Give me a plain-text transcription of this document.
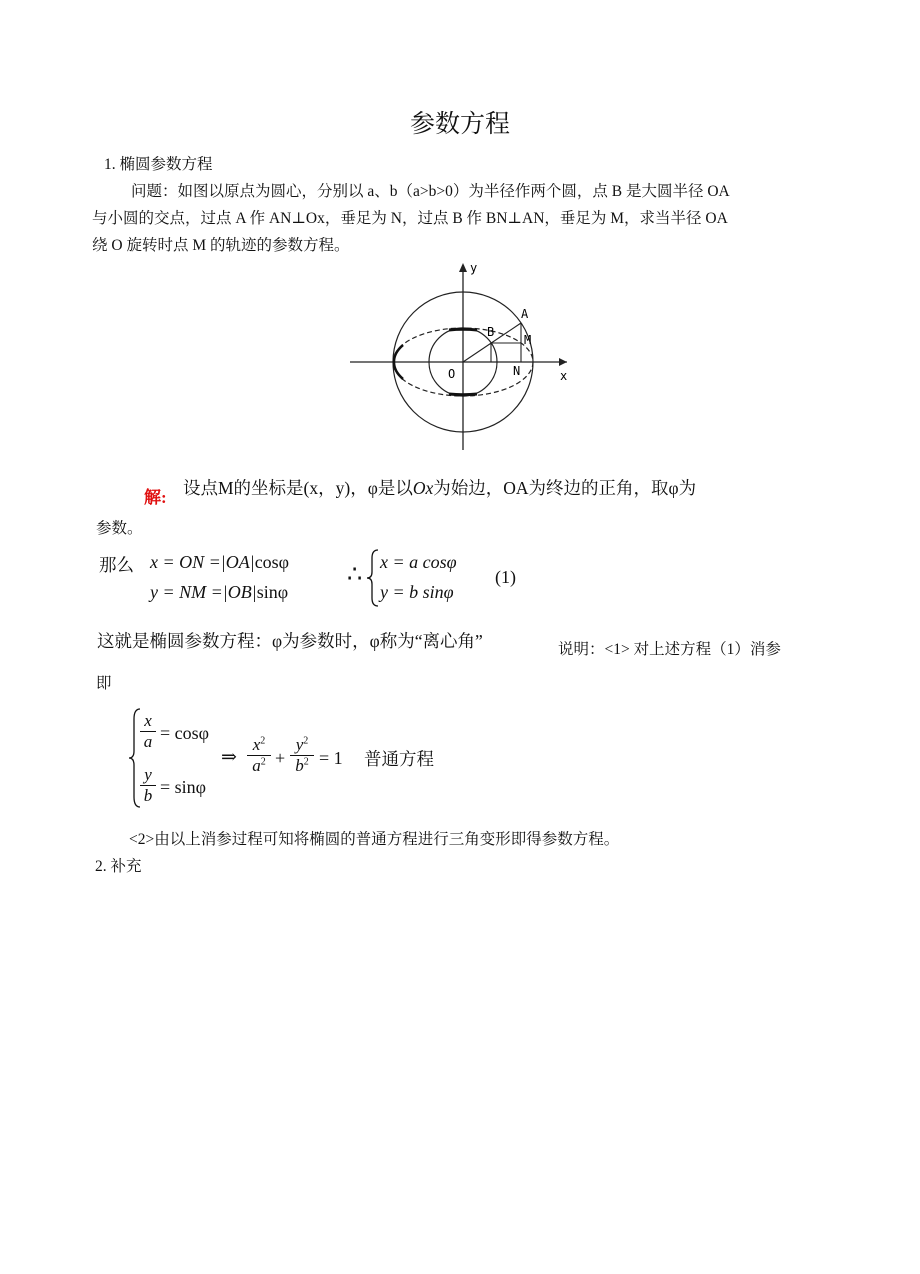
参数方程
1. 椭圆参数方程
问题：如图以原点为圆心，分别以 a、b（a>b>0）为半径作两个圆，点 B 是大圆半径 OA
与小圆的交点，过点 A 作 AN⊥Ox，垂足为 N，过点 B 作 BN⊥AN，垂足为 M，求当半径 OA
绕 O 旋转时点 M 的轨迹的参数方程。
y
x
O
A
B
M
N
解: 设点M的坐标是(x，y)，φ是以Ox为始边，OA为终边的正角，取φ为
参数。
那么 x = ON =|OA|cosφ
y = NM =|OB|sinφ
∴ x = a cosφ
y = b sinφ
(1)
这就是椭圆参数方程：φ为参数时，φ称为“离心角”	说明：<1> 对上述方程（1）消参
即
$\frac{x}{a} = \cos\varphi$
$\frac{y}{b} = \sin\varphi$
⇒ $\frac{x^2}{a^2} + \frac{y^2}{b^2} = 1$ 普通方程
<2>由以上消参过程可知将椭圆的普通方程进行三角变形即得参数方程。
2. 补充
